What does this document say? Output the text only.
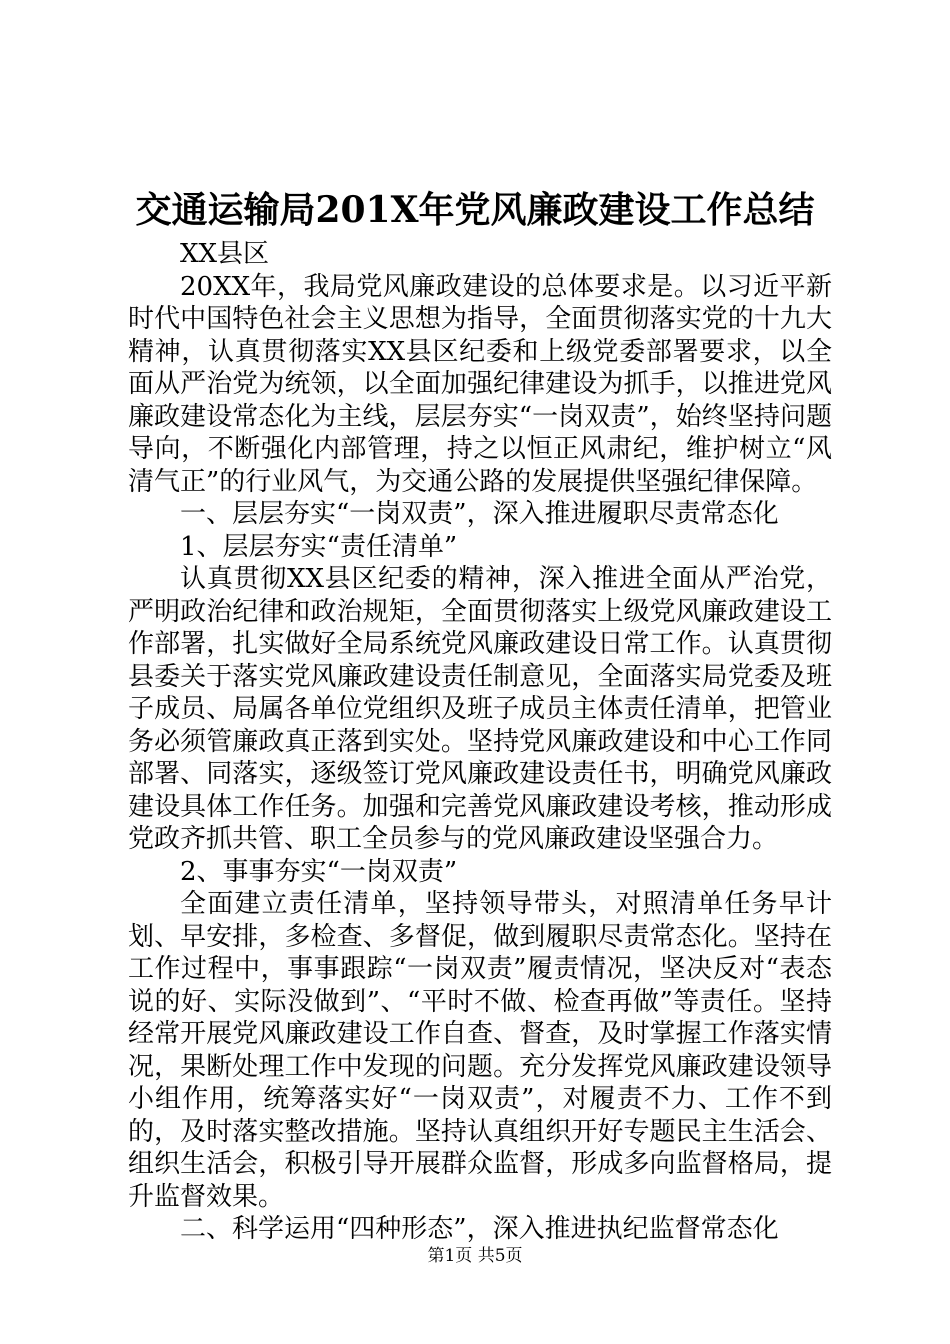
交通运输局201X年党风廉政建设工作总结

XX县区

20XX年，我局党风廉政建设的总体要求是。以习近平新时代中国特色社会主义思想为指导，全面贯彻落实党的十九大精神，认真贯彻落实XX县区纪委和上级党委部署要求，以全面从严治党为统领，以全面加强纪律建设为抓手，以推进党风廉政建设常态化为主线，层层夯实“一岗双责”，始终坚持问题导向，不断强化内部管理，持之以恒正风肃纪，维护树立“风清气正”的行业风气，为交通公路的发展提供坚强纪律保障。

一、层层夯实“一岗双责”，深入推进履职尽责常态化

1、层层夯实“责任清单”

认真贯彻XX县区纪委的精神，深入推进全面从严治党，严明政治纪律和政治规矩，全面贯彻落实上级党风廉政建设工作部署，扎实做好全局系统党风廉政建设日常工作。认真贯彻县委关于落实党风廉政建设责任制意见，全面落实局党委及班子成员、局属各单位党组织及班子成员主体责任清单，把管业务必须管廉政真正落到实处。坚持党风廉政建设和中心工作同部署、同落实，逐级签订党风廉政建设责任书，明确党风廉政建设具体工作任务。加强和完善党风廉政建设考核，推动形成党政齐抓共管、职工全员参与的党风廉政建设坚强合力。

2、事事夯实“一岗双责”

全面建立责任清单，坚持领导带头，对照清单任务早计划、早安排，多检查、多督促，做到履职尽责常态化。坚持在工作过程中，事事跟踪“一岗双责”履责情况，坚决反对“表态说的好、实际没做到”、“平时不做、检查再做”等责任。坚持经常开展党风廉政建设工作自查、督查，及时掌握工作落实情况，果断处理工作中发现的问题。充分发挥党风廉政建设领导小组作用，统筹落实好“一岗双责”，对履责不力、工作不到的，及时落实整改措施。坚持认真组织开好专题民主生活会、组织生活会，积极引导开展群众监督，形成多向监督格局，提升监督效果。

二、科学运用“四种形态”，深入推进执纪监督常态化

第1页 共5页
